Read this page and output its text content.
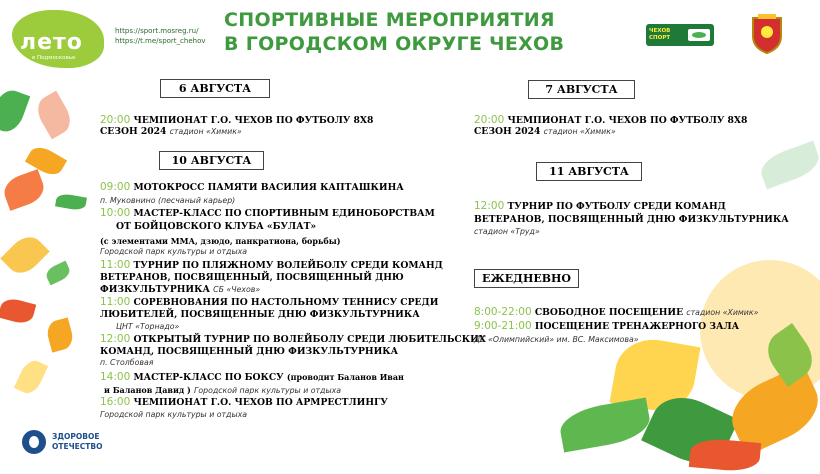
лето
в Подмосковье
https://sport.mosreg.ru/
https://t.me/sport_chehov
СПОРТИВНЫЕ МЕРОПРИЯТИЯ
В ГОРОДСКОМ ОКРУГЕ ЧЕХОВ
ЧЕХОВ СПОРТ
6 АВГУСТА
20:00 ЧЕМПИОНАТ Г.О. ЧЕХОВ ПО ФУТБОЛУ 8Х8
СЕЗОН 2024 стадион «Химик»
10 АВГУСТА
09:00 МОТОКРОСС ПАМЯТИ ВАСИЛИЯ КАПТАШКИНА
п. Муковнино (песчаный карьер)
10:00 МАСТЕР-КЛАСС ПО СПОРТИВНЫМ ЕДИНОБОРСТВАМ
ОТ БОЙЦОВСКОГО КЛУБА «БУЛАТ»
(с элементами ММА, дзюдо, панкратиона, борьбы)
Городской парк культуры и отдыха
11:00 ТУРНИР ПО ПЛЯЖНОМУ ВОЛЕЙБОЛУ СРЕДИ КОМАНД
ВЕТЕРАНОВ, ПОСВЯЩЕННЫЙ, ПОСВЯЩЕННЫЙ ДНЮ
ФИЗКУЛЬТУРНИКА СБ «Чехов»
11:00 СОРЕВНОВАНИЯ ПО НАСТОЛЬНОМУ ТЕННИСУ СРЕДИ
ЛЮБИТЕЛЕЙ, ПОСВЯЩЕННЫЕ ДНЮ ФИЗКУЛЬТУРНИКА
ЦНТ «Торнадо»
12:00 ОТКРЫТЫЙ ТУРНИР ПО ВОЛЕЙБОЛУ СРЕДИ ЛЮБИТЕЛЬСКИХ
КОМАНД, ПОСВЯЩЕННЫЙ ДНЮ ФИЗКУЛЬТУРНИКА
п. Столбовая
14:00 МАСТЕР-КЛАСС ПО БОКСУ (проводит Баланов Иван
и Баланов Давид ) Городской парк культуры и отдыха
16:00 ЧЕМПИОНАТ Г.О. ЧЕХОВ ПО АРМРЕСТЛИНГУ
Городской парк культуры и отдыха
7 АВГУСТА
20:00 ЧЕМПИОНАТ Г.О. ЧЕХОВ ПО ФУТБОЛУ 8Х8
СЕЗОН 2024 стадион «Химик»
11 АВГУСТА
12:00 ТУРНИР ПО ФУТБОЛУ СРЕДИ КОМАНД
ВЕТЕРАНОВ, ПОСВЯЩЕННЫЙ ДНЮ ФИЗКУЛЬТУРНИКА
стадион «Труд»
ЕЖЕДНЕВНО
8:00-22:00 СВОБОДНОЕ ПОСЕЩЕНИЕ стадион «Химик»
9:00-21:00 ПОСЕЩЕНИЕ ТРЕНАЖЕРНОГО ЗАЛА
ДС «Олимпийский» им. ВС. Максимова»
ЗДОРОВОЕ
ОТЕЧЕСТВО
